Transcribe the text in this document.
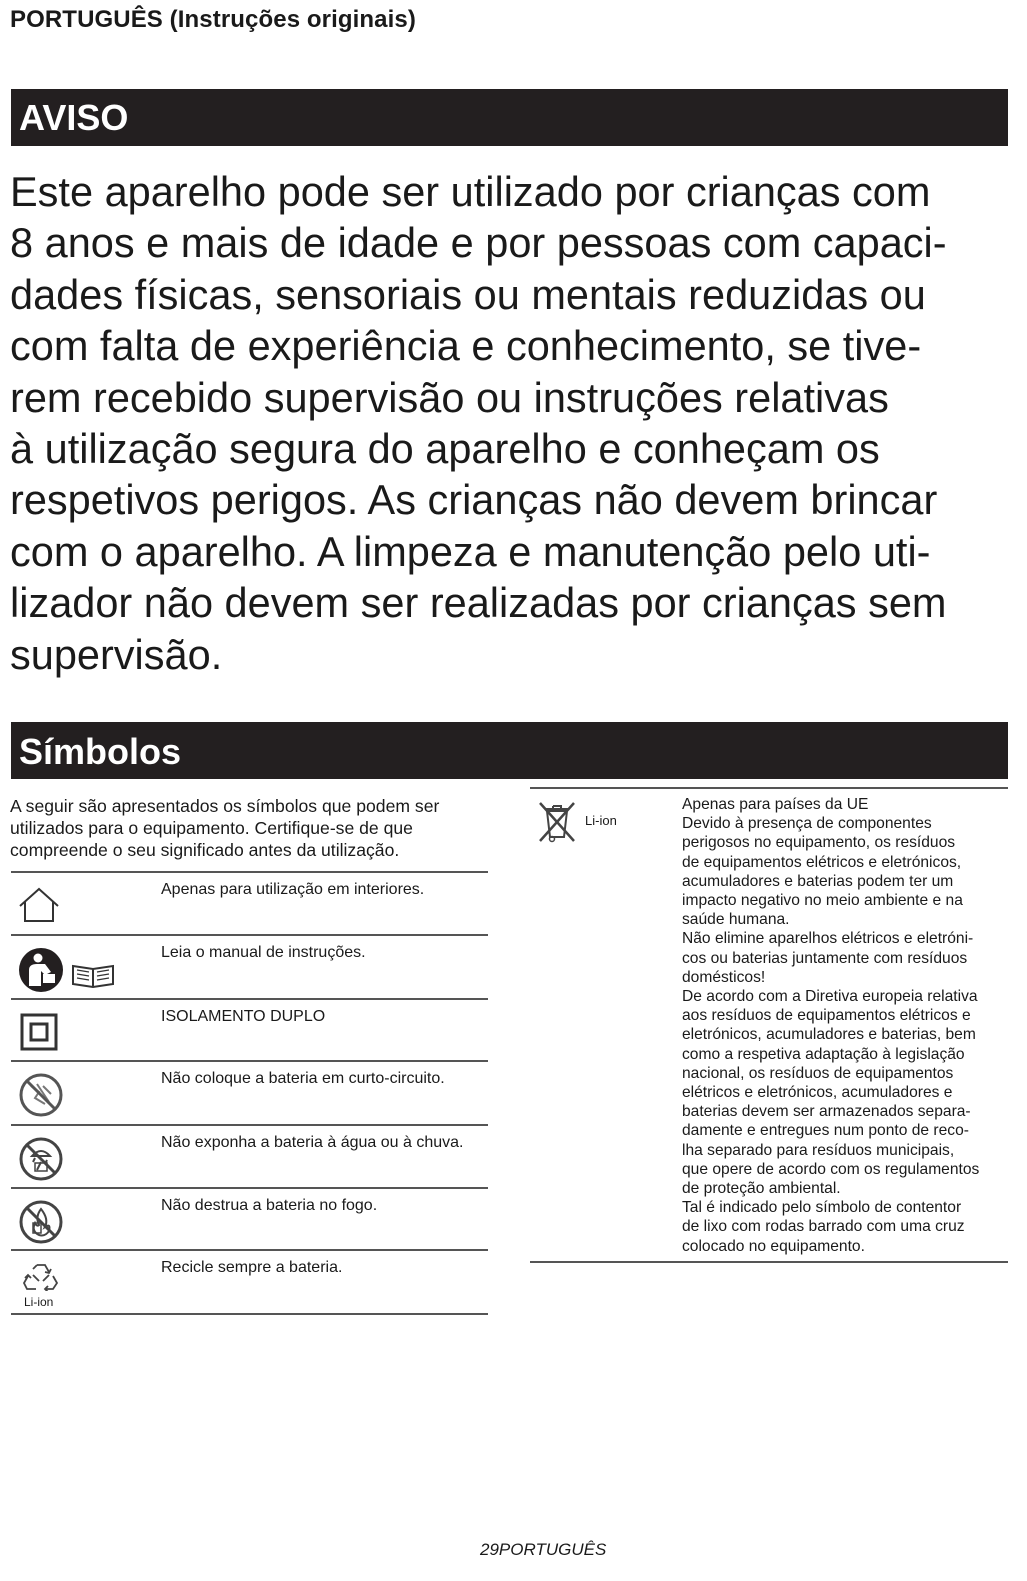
PORTUGUÊS (Instruções originais)
AVISO
Este aparelho pode ser utilizado por crianças com
8 anos e mais de idade e por pessoas com capaci-
dades físicas, sensoriais ou mentais reduzidas ou
com falta de experiência e conhecimento, se tive-
rem recebido supervisão ou instruções relativas
à utilização segura do aparelho e conheçam os
respetivos perigos. As crianças não devem brincar
com o aparelho. A limpeza e manutenção pelo uti-
lizador não devem ser realizadas por crianças sem
supervisão.
Símbolos
A seguir são apresentados os símbolos que podem ser
utilizados para o equipamento. Certifique-se de que
compreende o seu significado antes da utilização.
Apenas para utilização em interiores.
Leia o manual de instruções.
ISOLAMENTO DUPLO
Não coloque a bateria em curto-circuito.
Não exponha a bateria à água ou à chuva.
Não destrua a bateria no fogo.
Li-ion
Recicle sempre a bateria.
Li-ion
Apenas para países da UE
Devido à presença de componentes
perigosos no equipamento, os resíduos
de equipamentos elétricos e eletrónicos,
acumuladores e baterias podem ter um
impacto negativo no meio ambiente e na
saúde humana.
Não elimine aparelhos elétricos e eletróni-
cos ou baterias juntamente com resíduos
domésticos!
De acordo com a Diretiva europeia relativa
aos resíduos de equipamentos elétricos e
eletrónicos, acumuladores e baterias, bem
como a respetiva adaptação à legislação
nacional, os resíduos de equipamentos
elétricos e eletrónicos, acumuladores e
baterias devem ser armazenados separa-
damente e entregues num ponto de reco-
lha separado para resíduos municipais,
que opere de acordo com os regulamentos
de proteção ambiental.
Tal é indicado pelo símbolo de contentor
de lixo com rodas barrado com uma cruz
colocado no equipamento.
29PORTUGUÊS
